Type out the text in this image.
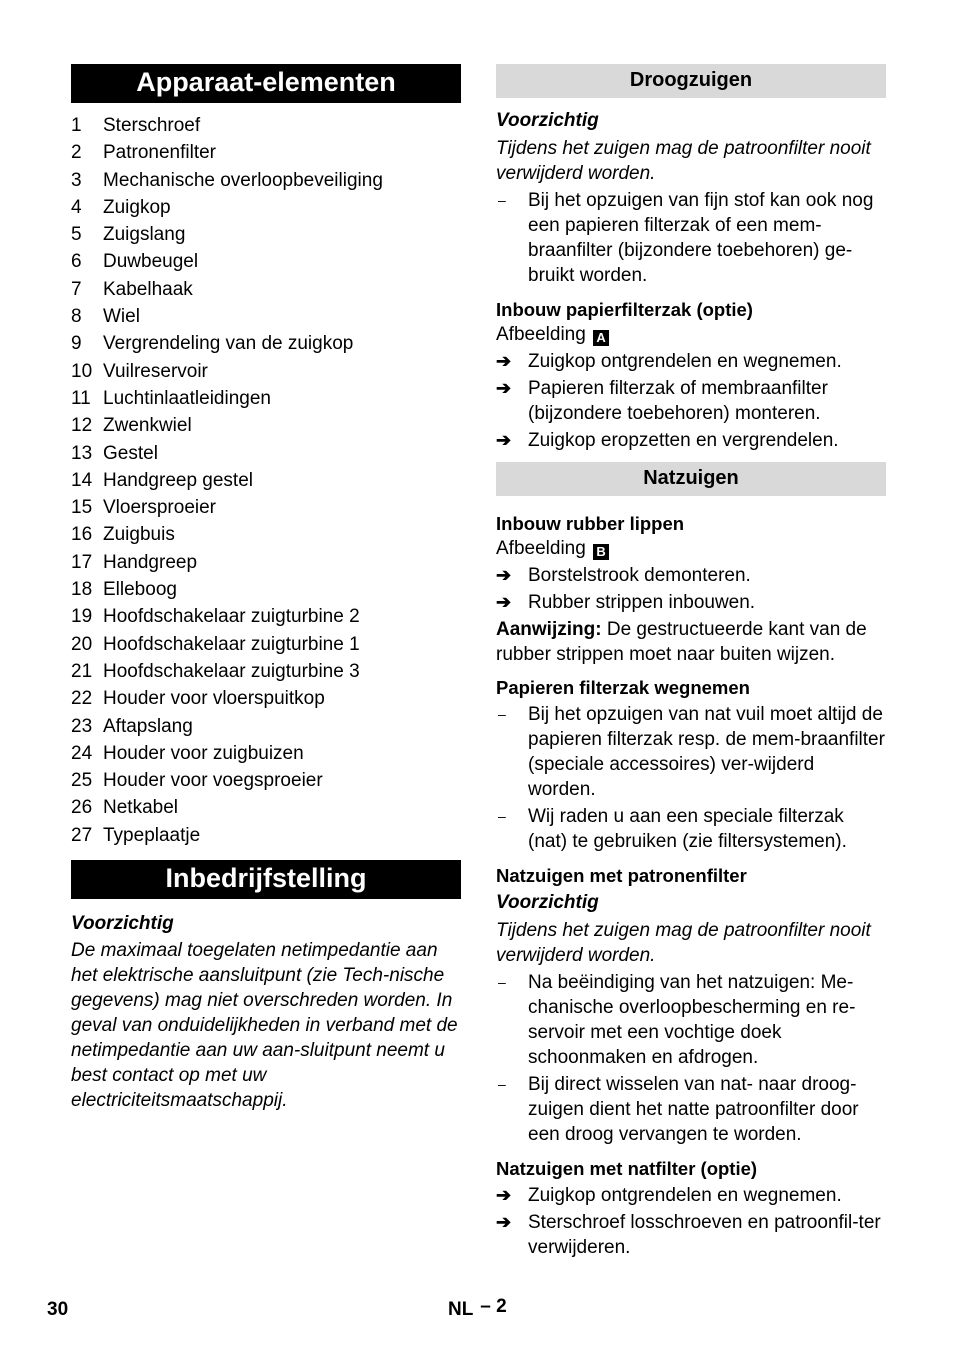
Apparaat-elementen
1	Sterschroef
2	Patronenfilter
3	Mechanische overloopbeveiliging
4	Zuigkop
5	Zuigslang
6	Duwbeugel
7	Kabelhaak
8	Wiel
9	Vergrendeling van de zuigkop
10 Vuilreservoir
11 Luchtinlaatleidingen
12 Zwenkwiel
13 Gestel
14 Handgreep gestel
15 Vloersproeier
16 Zuigbuis
17 Handgreep
18 Elleboog
19 Hoofdschakelaar zuigturbine 2
20 Hoofdschakelaar zuigturbine 1
21 Hoofdschakelaar zuigturbine 3
22 Houder voor vloerspuitkop
23 Aftapslang
24 Houder voor zuigbuizen
25 Houder voor voegsproeier
26 Netkabel
27 Typeplaatje
Inbedrijfstelling
Voorzichtig

De maximaal toegelaten netimpedantie aan het elektrische aansluitpunt (zie Tech-nische gegevens) mag niet overschreden worden. In geval van onduidelijkheden in verband met de netimpedantie aan uw aan-sluitpunt neemt u best contact op met uw electriciteitsmaatschappij.

Droogzuigen
Voorzichtig

Tijdens het zuigen mag de patroonfilter nooit verwijderd worden.

–	Bij het opzuigen van fijn stof kan ook nog een papieren filterzak of een mem-braanfilter (bijzondere toebehoren) ge-bruikt worden.
Inbouw papierfilterzak (optie)

Afbeelding A

➔ Zuigkop ontgrendelen en wegnemen.
➔ Papieren filterzak of membraanfilter (bijzondere toebehoren) monteren.
➔ Zuigkop eropzetten en vergrendelen.
Natzuigen
Inbouw rubber lippen

Afbeelding B

➔ Borstelstrook demonteren.
➔ Rubber strippen inbouwen.

Aanwijzing: De gestructueerde kant van de rubber strippen moet naar buiten wijzen.

Papieren filterzak wegnemen
–	Bij het opzuigen van nat vuil moet altijd de papieren filterzak resp. de mem-braanfilter (speciale accessoires) ver-wijderd worden.
–	Wij raden u aan een speciale filterzak (nat) te gebruiken (zie filtersystemen).
Natzuigen met patronenfilter
Voorzichtig

Tijdens het zuigen mag de patroonfilter nooit verwijderd worden.

–	Na beëindiging van het natzuigen: Me-chanische overloopbescherming en re-servoir met een vochtige doek schoonmaken en afdrogen.
–	Bij direct wisselen van nat- naar droog-zuigen dient het natte patroonfilter door een droog vervangen te worden.
Natzuigen met natfilter (optie)
➔ Zuigkop ontgrendelen en wegnemen.
➔ Sterschroef losschroeven en patroonfil-ter verwijderen.
30	NL – 2
